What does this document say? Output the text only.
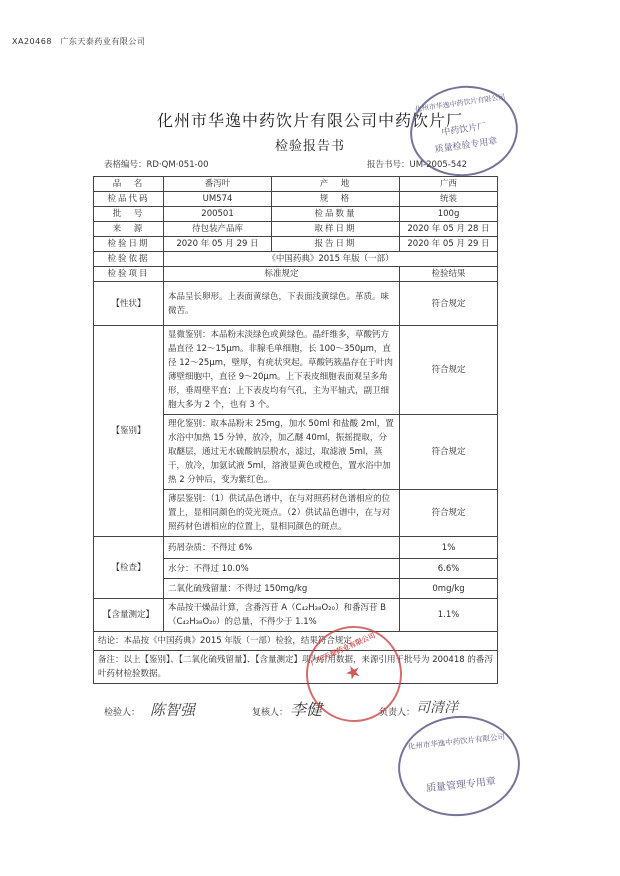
XA20468　广东天泰药业有限公司
化州市华逸中药饮片有限公司中药饮片厂
检验报告书
表格编号：RD·QM·051-00	报告书号：UM-2005-542
品　名	番泻叶	产　地	广西
检品代码	UM574	规　格	统装
批　号	200501	检品数量	100g
来　源	待包装产品库	取样日期	2020 年 05 月 28 日
检验日期	2020 年 05 月 29 日	报告日期	2020 年 05 月 29 日
检验依据	《中国药典》2015 年版（一部）		
检验项目	标准规定		检验结果
【性状】	本品呈长卵形。上表面黄绿色，下表面浅黄绿色。革质。味微苦。		符合规定
【鉴别】	显微鉴别：本品粉末淡绿色或黄绿色。晶纤维多，草酸钙方晶直径 12～15μm。非腺毛单细胞，长 100～350μm，直径 12～25μm，壁厚，有疣状突起。草酸钙簇晶存在于叶肉薄壁细胞中，直径 9～20μm。上下表皮细胞表面观呈多角形，垂周壁平直；上下表皮均有气孔，主为平轴式，副卫细胞大多为 2 个，也有 3 个。		符合规定
	理化鉴别：取本品粉末 25mg，加水 50ml 和盐酸 2ml，置水浴中加热 15 分钟，放冷，加乙醚 40ml，振摇提取，分取醚层，通过无水硫酸钠层脱水，滤过，取滤液 5ml，蒸干，放冷，加氨试液 5ml，溶液显黄色或橙色，置水浴中加热 2 分钟后，变为紫红色。		符合规定
	薄层鉴别：（1）供试品色谱中，在与对照药材色谱相应的位置上，显相同颜色的荧光斑点。（2）供试品色谱中，在与对照药材色谱相应的位置上，显相同颜色的斑点。		符合规定
【检查】	药屑杂质：不得过 6%		1%
	水分：不得过 10.0%		6.6%
	二氧化硫残留量：不得过 150mg/kg		0mg/kg
【含量测定】	本品按干燥品计算，含番泻苷 A（C₄₂H₃₈O₂₀）和番泻苷 B（C₄₂H₃₈O₂₀）的总量，不得少于 1.1%		1.1%
结论：本品按《中国药典》2015 年版（一部）检验，结果符合规定			
备注：以上【鉴别】、【二氧化硫残留量】、【含量测定】项为引用数据，来源引用于批号为 200418 的番泻叶药材检验数据。			
检验人： 陈智强	复核人： 李健	负责人： 司清洋
化州市华逸中药饮片有限公司
中药饮片厂
质量检验专用章
化州市华逸中药饮片有限公司
质量管理专用章
广东天泰药业有限公司
★
